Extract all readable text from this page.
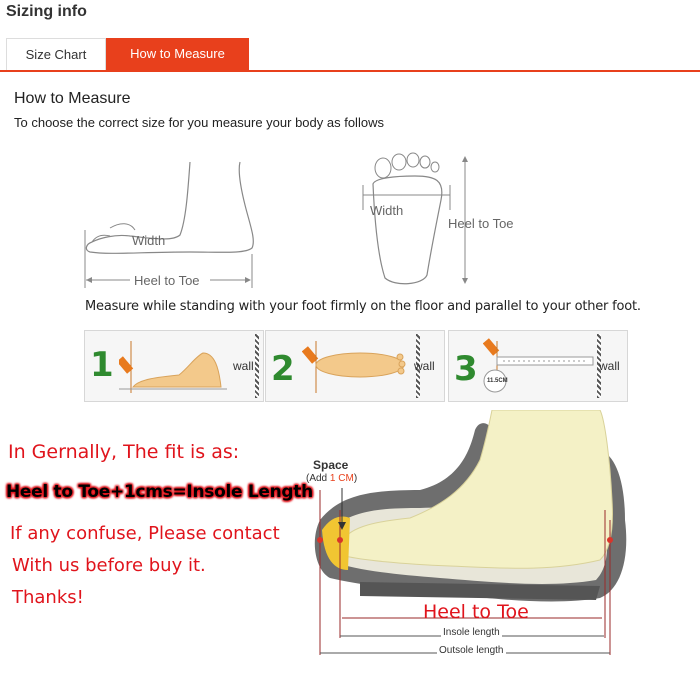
Sizing info
Size Chart	How to Measure
How to Measure
To choose the correct size for you measure your body as follows
Width
Heel to Toe
Width
Heel to Toe
Measure while standing with your foot firmly on the floor and parallel to your other foot.
1	wall 2	wall 3 11.5CM
wall
In Gernally, The fit is as:
Heel to Toe+1cms=Insole Length
If any confuse, Please contact
With us before buy it.
Thanks!
Space
(Add 1 CM)
Heel to Toe
Insole length
Outsole length
